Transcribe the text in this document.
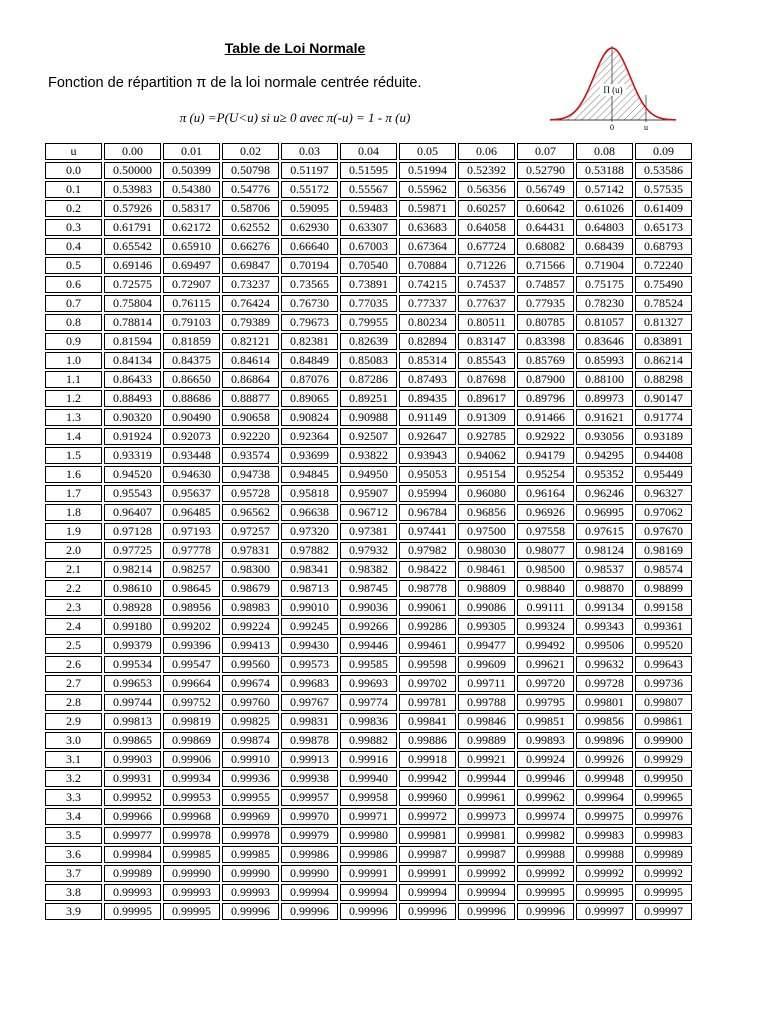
Table de Loi Normale
Fonction de répartition π de la loi normale centrée réduite.
π (u) =P(U<u) si u≥ 0 avec π(-u) = 1 - π (u)
Π (u)
0	u
u	0.00	0.01	0.02	0.03	0.04	0.05	0.06	0.07	0.08	0.09
0.0	0.50000	0.50399	0.50798	0.51197	0.51595	0.51994	0.52392	0.52790	0.53188	0.53586
0.1	0.53983	0.54380	0.54776	0.55172	0.55567	0.55962	0.56356	0.56749	0.57142	0.57535
0.2	0.57926	0.58317	0.58706	0.59095	0.59483	0.59871	0.60257	0.60642	0.61026	0.61409
0.3	0.61791	0.62172	0.62552	0.62930	0.63307	0.63683	0.64058	0.64431	0.64803	0.65173
0.4	0.65542	0.65910	0.66276	0.66640	0.67003	0.67364	0.67724	0.68082	0.68439	0.68793
0.5	0.69146	0.69497	0.69847	0.70194	0.70540	0.70884	0.71226	0.71566	0.71904	0.72240
0.6	0.72575	0.72907	0.73237	0.73565	0.73891	0.74215	0.74537	0.74857	0.75175	0.75490
0.7	0.75804	0.76115	0.76424	0.76730	0.77035	0.77337	0.77637	0.77935	0.78230	0.78524
0.8	0.78814	0.79103	0.79389	0.79673	0.79955	0.80234	0.80511	0.80785	0.81057	0.81327
0.9	0.81594	0.81859	0.82121	0.82381	0.82639	0.82894	0.83147	0.83398	0.83646	0.83891
1.0	0.84134	0.84375	0.84614	0.84849	0.85083	0.85314	0.85543	0.85769	0.85993	0.86214
1.1	0.86433	0.86650	0.86864	0.87076	0.87286	0.87493	0.87698	0.87900	0.88100	0.88298
1.2	0.88493	0.88686	0.88877	0.89065	0.89251	0.89435	0.89617	0.89796	0.89973	0.90147
1.3	0.90320	0.90490	0.90658	0.90824	0.90988	0.91149	0.91309	0.91466	0.91621	0.91774
1.4	0.91924	0.92073	0.92220	0.92364	0.92507	0.92647	0.92785	0.92922	0.93056	0.93189
1.5	0.93319	0.93448	0.93574	0.93699	0.93822	0.93943	0.94062	0.94179	0.94295	0.94408
1.6	0.94520	0.94630	0.94738	0.94845	0.94950	0.95053	0.95154	0.95254	0.95352	0.95449
1.7	0.95543	0.95637	0.95728	0.95818	0.95907	0.95994	0.96080	0.96164	0.96246	0.96327
1.8	0.96407	0.96485	0.96562	0.96638	0.96712	0.96784	0.96856	0.96926	0.96995	0.97062
1.9	0.97128	0.97193	0.97257	0.97320	0.97381	0.97441	0.97500	0.97558	0.97615	0.97670
2.0	0.97725	0.97778	0.97831	0.97882	0.97932	0.97982	0.98030	0.98077	0.98124	0.98169
2.1	0.98214	0.98257	0.98300	0.98341	0.98382	0.98422	0.98461	0.98500	0.98537	0.98574
2.2	0.98610	0.98645	0.98679	0.98713	0.98745	0.98778	0.98809	0.98840	0.98870	0.98899
2.3	0.98928	0.98956	0.98983	0.99010	0.99036	0.99061	0.99086	0.99111	0.99134	0.99158
2.4	0.99180	0.99202	0.99224	0.99245	0.99266	0.99286	0.99305	0.99324	0.99343	0.99361
2.5	0.99379	0.99396	0.99413	0.99430	0.99446	0.99461	0.99477	0.99492	0.99506	0.99520
2.6	0.99534	0.99547	0.99560	0.99573	0.99585	0.99598	0.99609	0.99621	0.99632	0.99643
2.7	0.99653	0.99664	0.99674	0.99683	0.99693	0.99702	0.99711	0.99720	0.99728	0.99736
2.8	0.99744	0.99752	0.99760	0.99767	0.99774	0.99781	0.99788	0.99795	0.99801	0.99807
2.9	0.99813	0.99819	0.99825	0.99831	0.99836	0.99841	0.99846	0.99851	0.99856	0.99861
3.0	0.99865	0.99869	0.99874	0.99878	0.99882	0.99886	0.99889	0.99893	0.99896	0.99900
3.1	0.99903	0.99906	0.99910	0.99913	0.99916	0.99918	0.99921	0.99924	0.99926	0.99929
3.2	0.99931	0.99934	0.99936	0.99938	0.99940	0.99942	0.99944	0.99946	0.99948	0.99950
3.3	0.99952	0.99953	0.99955	0.99957	0.99958	0.99960	0.99961	0.99962	0.99964	0.99965
3.4	0.99966	0.99968	0.99969	0.99970	0.99971	0.99972	0.99973	0.99974	0.99975	0.99976
3.5	0.99977	0.99978	0.99978	0.99979	0.99980	0.99981	0.99981	0.99982	0.99983	0.99983
3.6	0.99984	0.99985	0.99985	0.99986	0.99986	0.99987	0.99987	0.99988	0.99988	0.99989
3.7	0.99989	0.99990	0.99990	0.99990	0.99991	0.99991	0.99992	0.99992	0.99992	0.99992
3.8	0.99993	0.99993	0.99993	0.99994	0.99994	0.99994	0.99994	0.99995	0.99995	0.99995
3.9	0.99995	0.99995	0.99996	0.99996	0.99996	0.99996	0.99996	0.99996	0.99997	0.99997
